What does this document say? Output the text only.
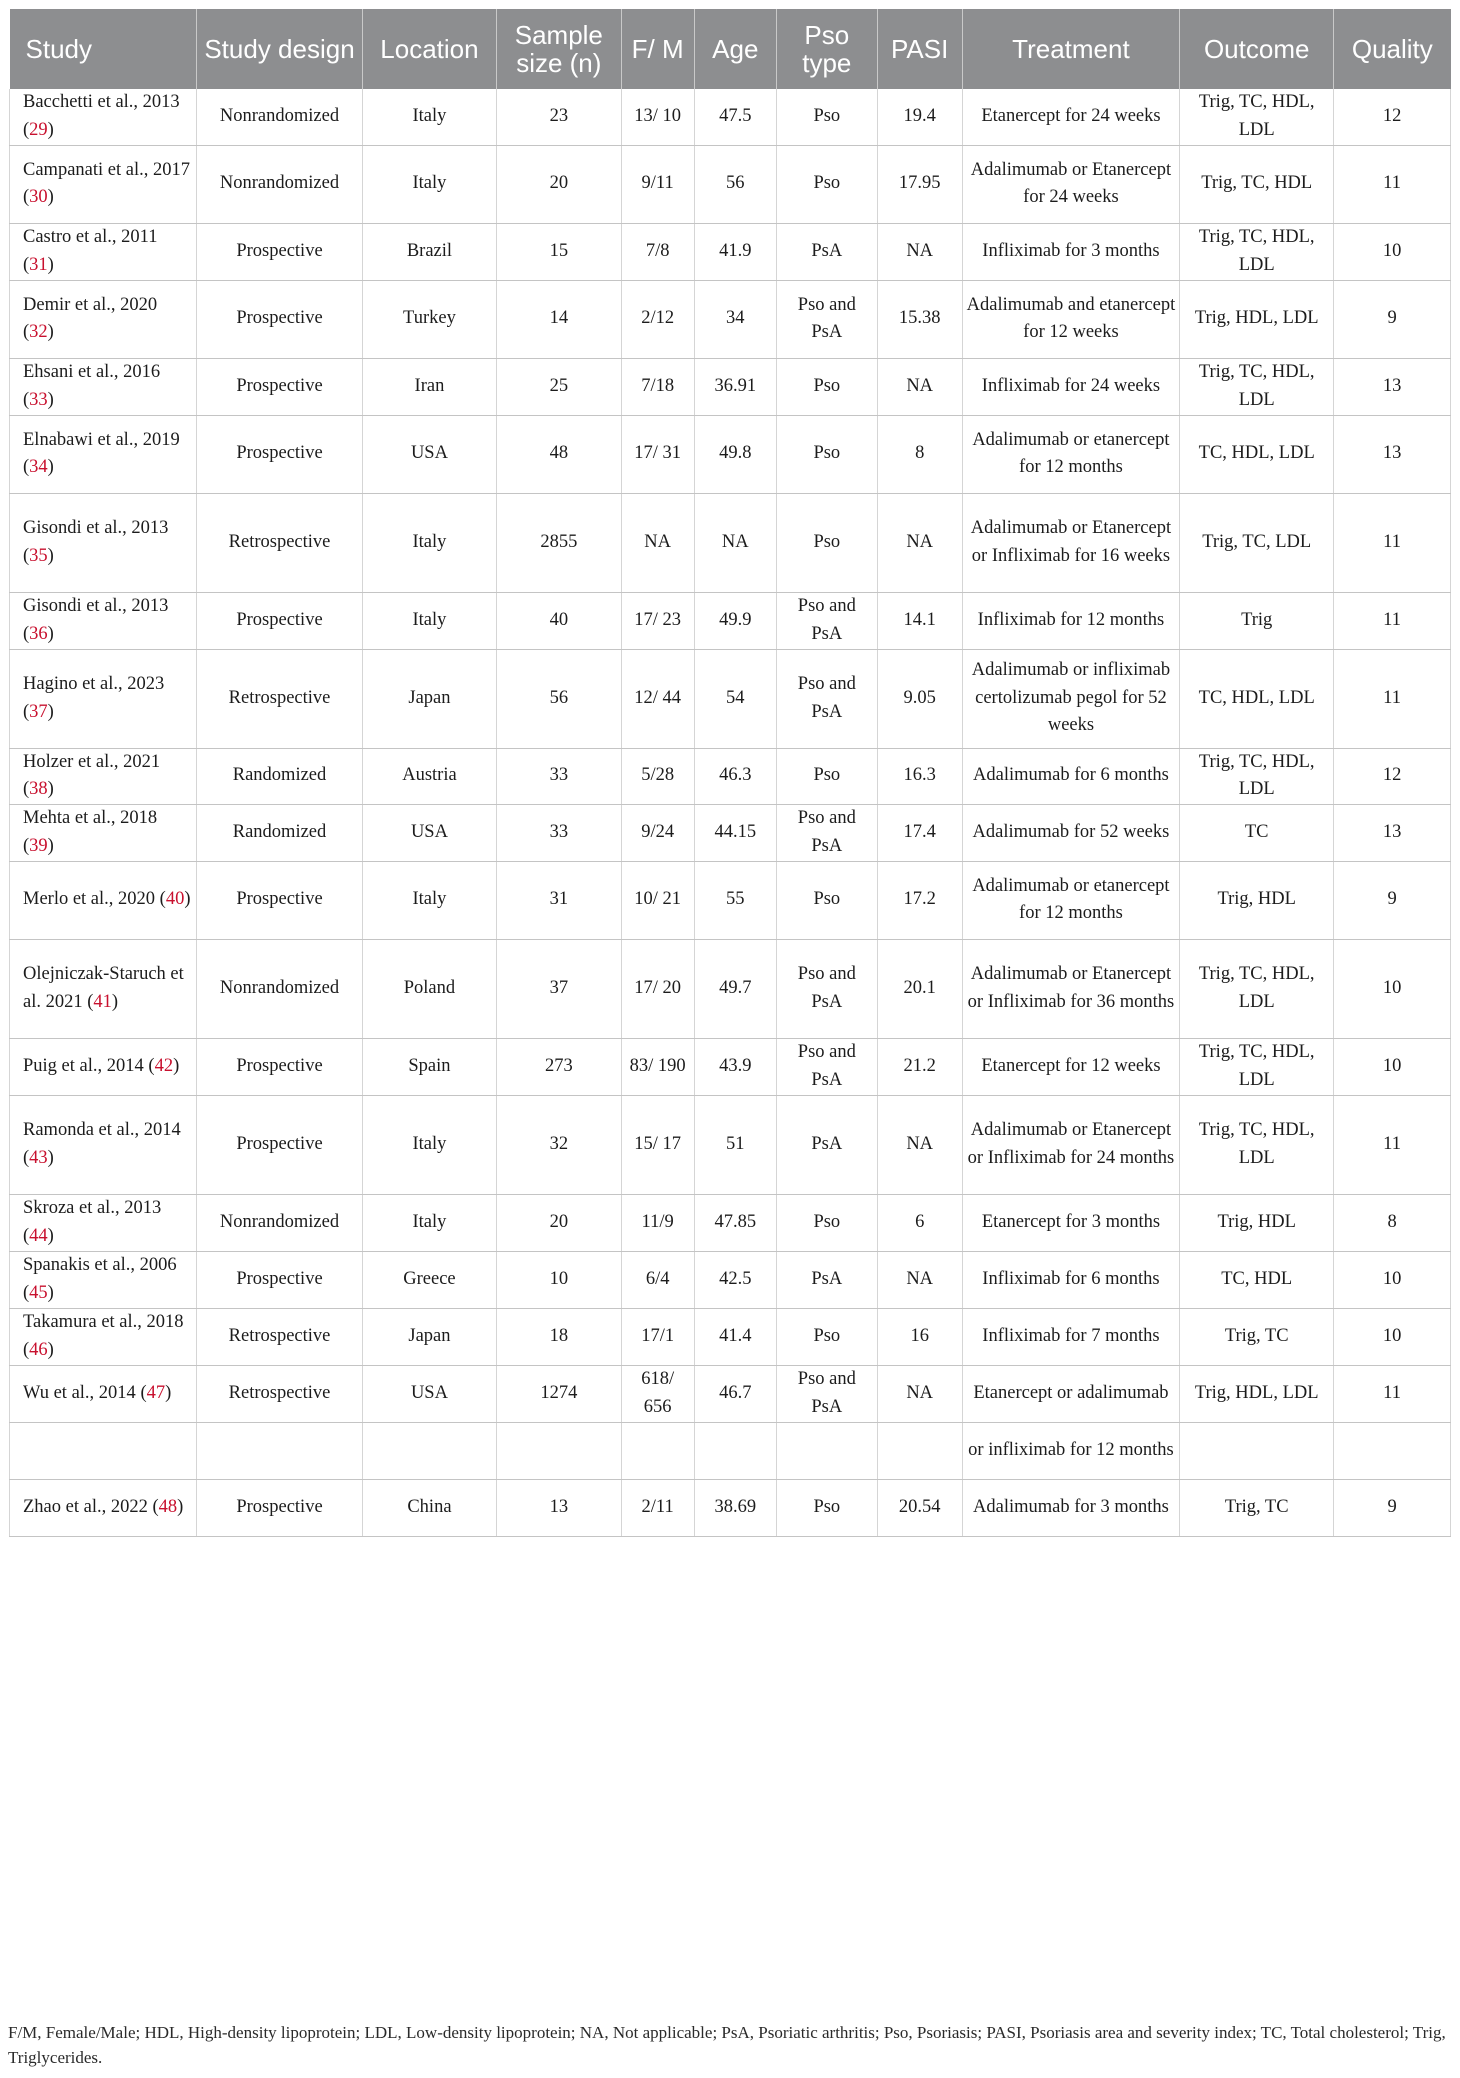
Study	Study design	Location	Sample size (n)	F/ M	Age	Pso type	PASI	Treatment	Outcome	Quality
Bacchetti et al., 2013 (29)	Nonrandomized	Italy	23	13/ 10	47.5	Pso	19.4	Etanercept for 24 weeks	Trig, TC, HDL, LDL	12
Campanati et al., 2017 (30)	Nonrandomized	Italy	20	9/11	56	Pso	17.95	Adalimumab or Etanercept for 24 weeks	Trig, TC, HDL	11
Castro et al., 2011 (31)	Prospective	Brazil	15	7/8	41.9	PsA	NA	Infliximab for 3 months	Trig, TC, HDL, LDL	10
Demir et al., 2020 (32)	Prospective	Turkey	14	2/12	34	Pso and PsA	15.38	Adalimumab and etanercept for 12 weeks	Trig, HDL, LDL	9
Ehsani et al., 2016 (33)	Prospective	Iran	25	7/18	36.91	Pso	NA	Infliximab for 24 weeks	Trig, TC, HDL, LDL	13
Elnabawi et al., 2019 (34)	Prospective	USA	48	17/ 31	49.8	Pso	8	Adalimumab or etanercept for 12 months	TC, HDL, LDL	13
Gisondi et al., 2013 (35)	Retrospective	Italy	2855	NA	NA	Pso	NA	Adalimumab or Etanercept or Infliximab for 16 weeks	Trig, TC, LDL	11
Gisondi et al., 2013 (36)	Prospective	Italy	40	17/ 23	49.9	Pso and PsA	14.1	Infliximab for 12 months	Trig	11
Hagino et al., 2023 (37)	Retrospective	Japan	56	12/ 44	54	Pso and PsA	9.05	Adalimumab or infliximab certolizumab pegol for 52 weeks	TC, HDL, LDL	11
Holzer et al., 2021 (38)	Randomized	Austria	33	5/28	46.3	Pso	16.3	Adalimumab for 6 months	Trig, TC, HDL, LDL	12
Mehta et al., 2018 (39)	Randomized	USA	33	9/24	44.15	Pso and PsA	17.4	Adalimumab for 52 weeks	TC	13
Merlo et al., 2020 (40)	Prospective	Italy	31	10/ 21	55	Pso	17.2	Adalimumab or etanercept for 12 months	Trig, HDL	9
Olejniczak-Staruch et al. 2021 (41)	Nonrandomized	Poland	37	17/ 20	49.7	Pso and PsA	20.1	Adalimumab or Etanercept or Infliximab for 36 months	Trig, TC, HDL, LDL	10
Puig et al., 2014 (42)	Prospective	Spain	273	83/ 190	43.9	Pso and PsA	21.2	Etanercept for 12 weeks	Trig, TC, HDL, LDL	10
Ramonda et al., 2014 (43)	Prospective	Italy	32	15/ 17	51	PsA	NA	Adalimumab or Etanercept or Infliximab for 24 months	Trig, TC, HDL, LDL	11
Skroza et al., 2013 (44)	Nonrandomized	Italy	20	11/9	47.85	Pso	6	Etanercept for 3 months	Trig, HDL	8
Spanakis et al., 2006 (45)	Prospective	Greece	10	6/4	42.5	PsA	NA	Infliximab for 6 months	TC, HDL	10
Takamura et al., 2018 (46)	Retrospective	Japan	18	17/1	41.4	Pso	16	Infliximab for 7 months	Trig, TC	10
Wu et al., 2014 (47)	Retrospective	USA	1274	618/ 656	46.7	Pso and PsA	NA	Etanercept or adalimumab	Trig, HDL, LDL	11
								or infliximab for 12 months		
Zhao et al., 2022 (48)	Prospective	China	13	2/11	38.69	Pso	20.54	Adalimumab for 3 months	Trig, TC	9
F/M, Female/Male; HDL, High-density lipoprotein; LDL, Low-density lipoprotein; NA, Not applicable; PsA, Psoriatic arthritis; Pso, Psoriasis; PASI, Psoriasis area and severity index; TC, Total cholesterol; Trig, Triglycerides.
